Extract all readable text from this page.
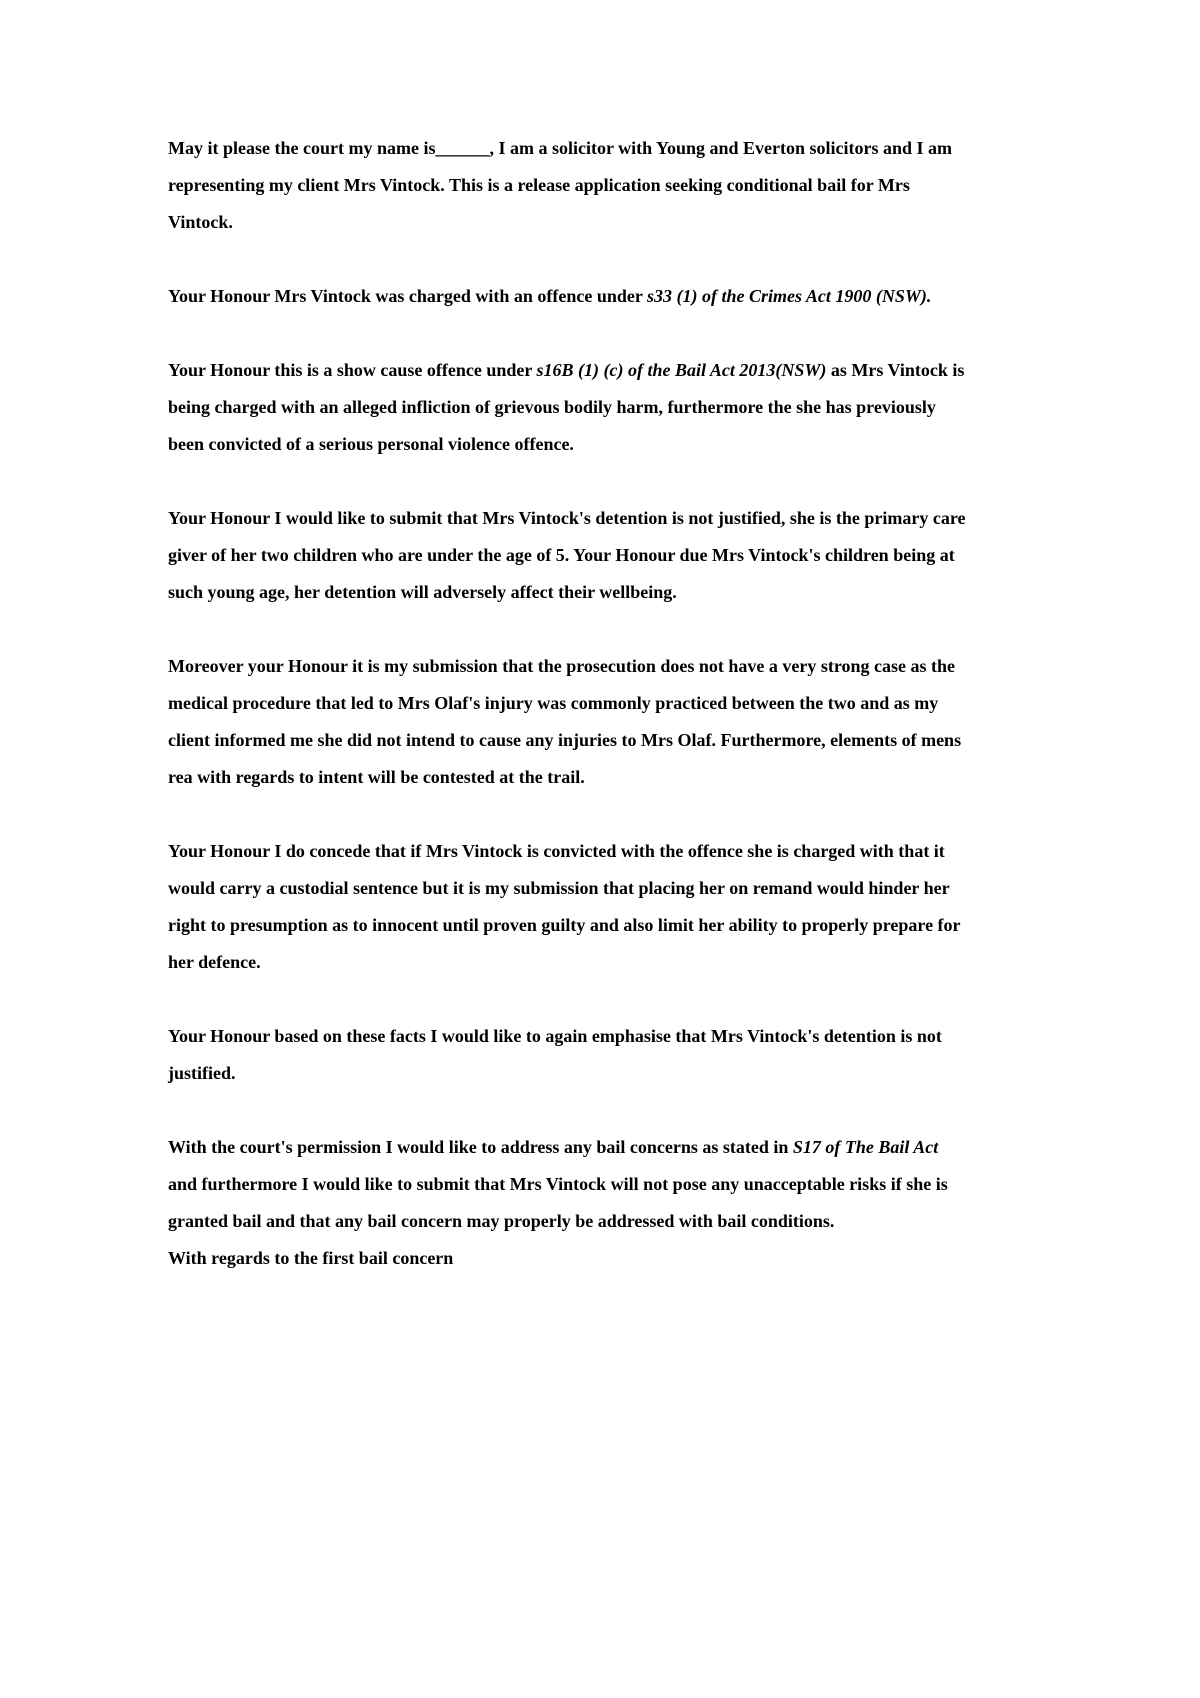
May it please the court my name is______, I am a solicitor with Young and Everton solicitors and I am representing my client Mrs Vintock. This is a release application seeking conditional bail for Mrs Vintock.

Your Honour Mrs Vintock was charged with an offence under s33 (1) of the Crimes Act 1900 (NSW).

Your Honour this is a show cause offence under s16B (1) (c) of the Bail Act 2013(NSW) as Mrs Vintock is being charged with an alleged infliction of grievous bodily harm, furthermore the she has previously been convicted of a serious personal violence offence.

Your Honour I would like to submit that Mrs Vintock's detention is not justified, she is the primary care giver of her two children who are under the age of 5. Your Honour due Mrs Vintock's children being at such young age, her detention will adversely affect their wellbeing.

Moreover your Honour it is my submission that the prosecution does not have a very strong case as the medical procedure that led to Mrs Olaf's injury was commonly practiced between the two and as my client informed me she did not intend to cause any injuries to Mrs Olaf. Furthermore, elements of mens rea with regards to intent will be contested at the trail.

Your Honour I do concede that if Mrs Vintock is convicted with the offence she is charged with that it would carry a custodial sentence but it is my submission that placing her on remand would hinder her right to presumption as to innocent until proven guilty and also limit her ability to properly prepare for her defence.

Your Honour based on these facts I would like to again emphasise that Mrs Vintock's detention is not justified.

With the court's permission I would like to address any bail concerns as stated in S17 of The Bail Act and furthermore I would like to submit that Mrs Vintock will not pose any unacceptable risks if she is granted bail and that any bail concern may properly be addressed with bail conditions.

With regards to the first bail concern
